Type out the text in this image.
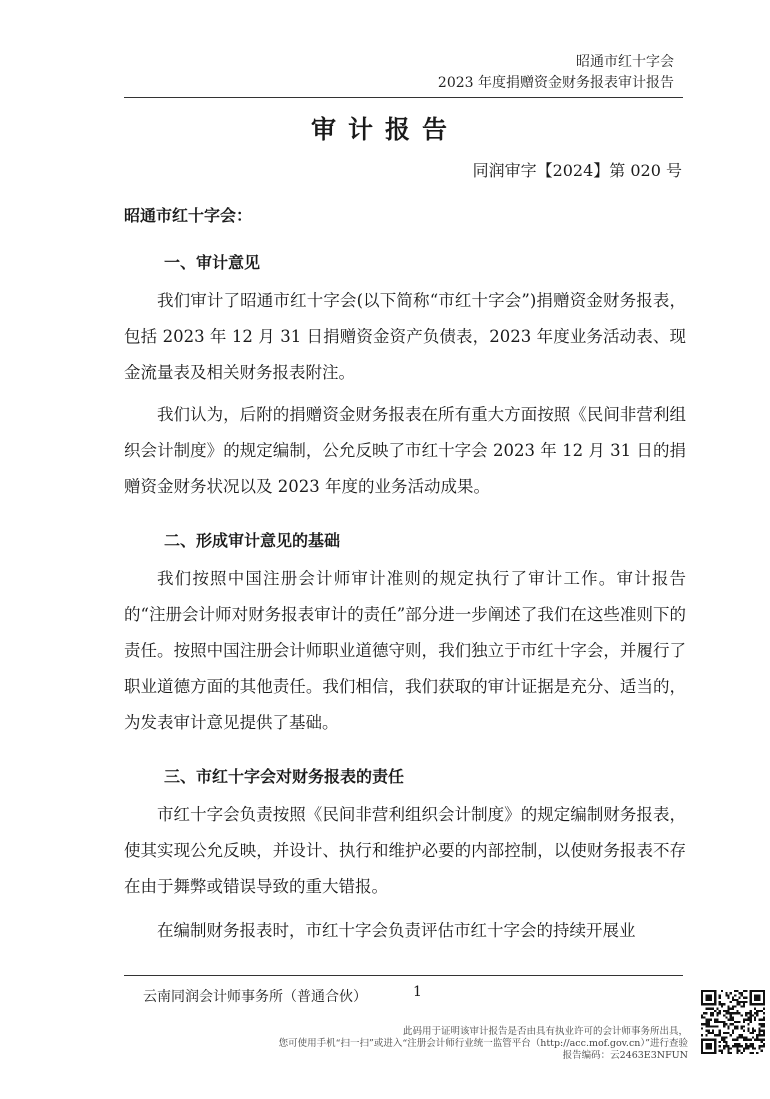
昭通市红十字会
2023 年度捐赠资金财务报表审计报告
审计报告
同润审字【2024】第 020 号
昭通市红十字会：
一、审计意见

我们审计了昭通市红十字会(以下简称“市红十字会”)捐赠资金财务报表，包括 2023 年 12 月 31 日捐赠资金资产负债表，2023 年度业务活动表、现金流量表及相关财务报表附注。

我们认为，后附的捐赠资金财务报表在所有重大方面按照《民间非营利组织会计制度》的规定编制，公允反映了市红十字会 2023 年 12 月 31 日的捐赠资金财务状况以及 2023 年度的业务活动成果。

二、形成审计意见的基础

我们按照中国注册会计师审计准则的规定执行了审计工作。审计报告的“注册会计师对财务报表审计的责任”部分进一步阐述了我们在这些准则下的责任。按照中国注册会计师职业道德守则，我们独立于市红十字会，并履行了职业道德方面的其他责任。我们相信，我们获取的审计证据是充分、适当的，为发表审计意见提供了基础。

三、市红十字会对财务报表的责任

市红十字会负责按照《民间非营利组织会计制度》的规定编制财务报表，使其实现公允反映，并设计、执行和维护必要的内部控制，以使财务报表不存在由于舞弊或错误导致的重大错报。

在编制财务报表时，市红十字会负责评估市红十字会的持续开展业

云南同润会计师事务所（普通合伙）	1
此码用于证明该审计报告是否由具有执业许可的会计师事务所出具，
您可使用手机“扫一扫”或进入“注册会计师行业统一监管平台（http://acc.mof.gov.cn）”进行查验
报告编码：云2463E3NFUN
